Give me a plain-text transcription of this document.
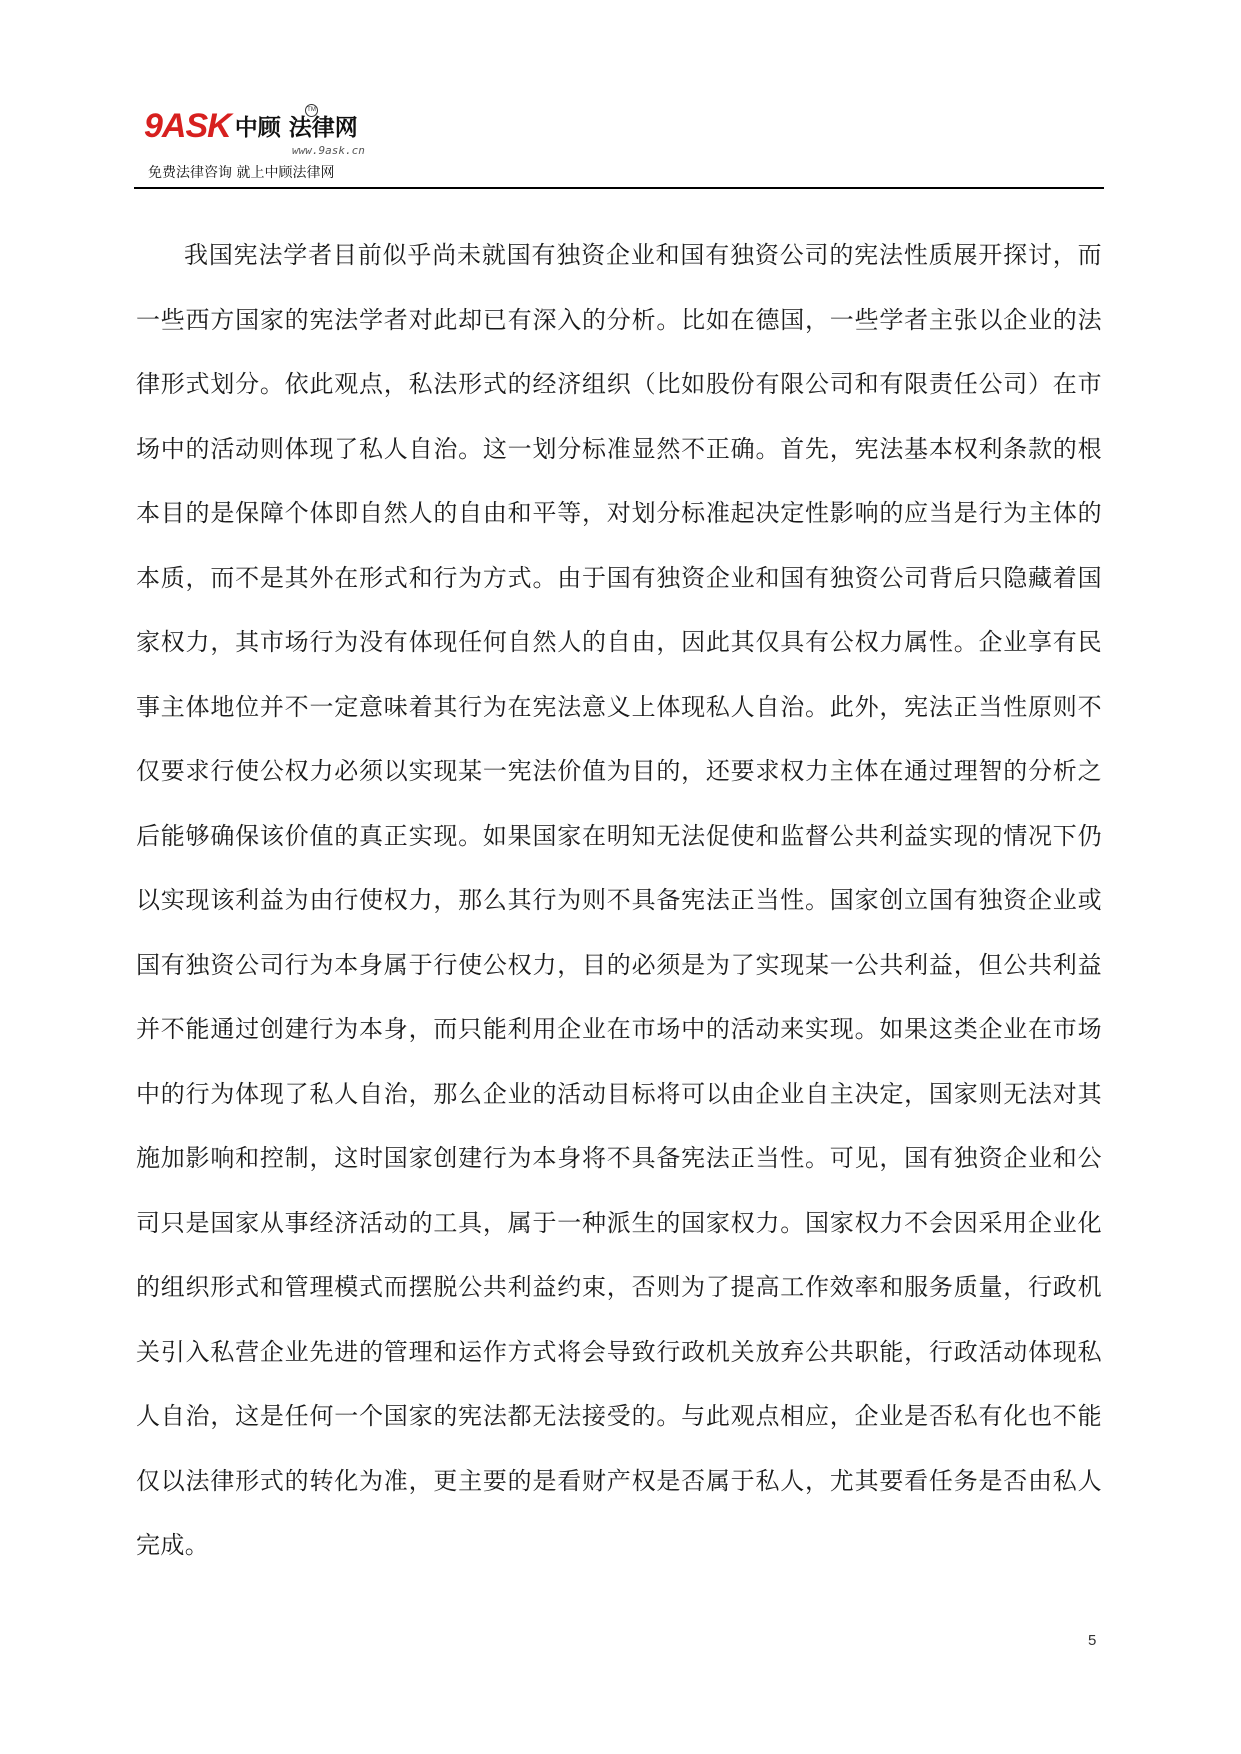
9ASK 中顾 法律网
TM
www.9ask.cn
免费法律咨询 就上中顾法律网

我国宪法学者目前似乎尚未就国有独资企业和国有独资公司的宪法性质展开探讨，而一些西方国家的宪法学者对此却已有深入的分析。比如在德国，一些学者主张以企业的法律形式划分。依此观点，私法形式的经济组织（比如股份有限公司和有限责任公司）在市场中的活动则体现了私人自治。这一划分标准显然不正确。首先，宪法基本权利条款的根本目的是保障个体即自然人的自由和平等，对划分标准起决定性影响的应当是行为主体的本质，而不是其外在形式和行为方式。由于国有独资企业和国有独资公司背后只隐藏着国家权力，其市场行为没有体现任何自然人的自由，因此其仅具有公权力属性。企业享有民事主体地位并不一定意味着其行为在宪法意义上体现私人自治。此外，宪法正当性原则不仅要求行使公权力必须以实现某一宪法价值为目的，还要求权力主体在通过理智的分析之后能够确保该价值的真正实现。如果国家在明知无法促使和监督公共利益实现的情况下仍以实现该利益为由行使权力，那么其行为则不具备宪法正当性。国家创立国有独资企业或国有独资公司行为本身属于行使公权力，目的必须是为了实现某一公共利益，但公共利益并不能通过创建行为本身，而只能利用企业在市场中的活动来实现。如果这类企业在市场中的行为体现了私人自治，那么企业的活动目标将可以由企业自主决定，国家则无法对其施加影响和控制，这时国家创建行为本身将不具备宪法正当性。可见，国有独资企业和公司只是国家从事经济活动的工具，属于一种派生的国家权力。国家权力不会因采用企业化的组织形式和管理模式而摆脱公共利益约束，否则为了提高工作效率和服务质量，行政机关引入私营企业先进的管理和运作方式将会导致行政机关放弃公共职能，行政活动体现私人自治，这是任何一个国家的宪法都无法接受的。与此观点相应，企业是否私有化也不能仅以法律形式的转化为准，更主要的是看财产权是否属于私人，尤其要看任务是否由私人完成。

5
